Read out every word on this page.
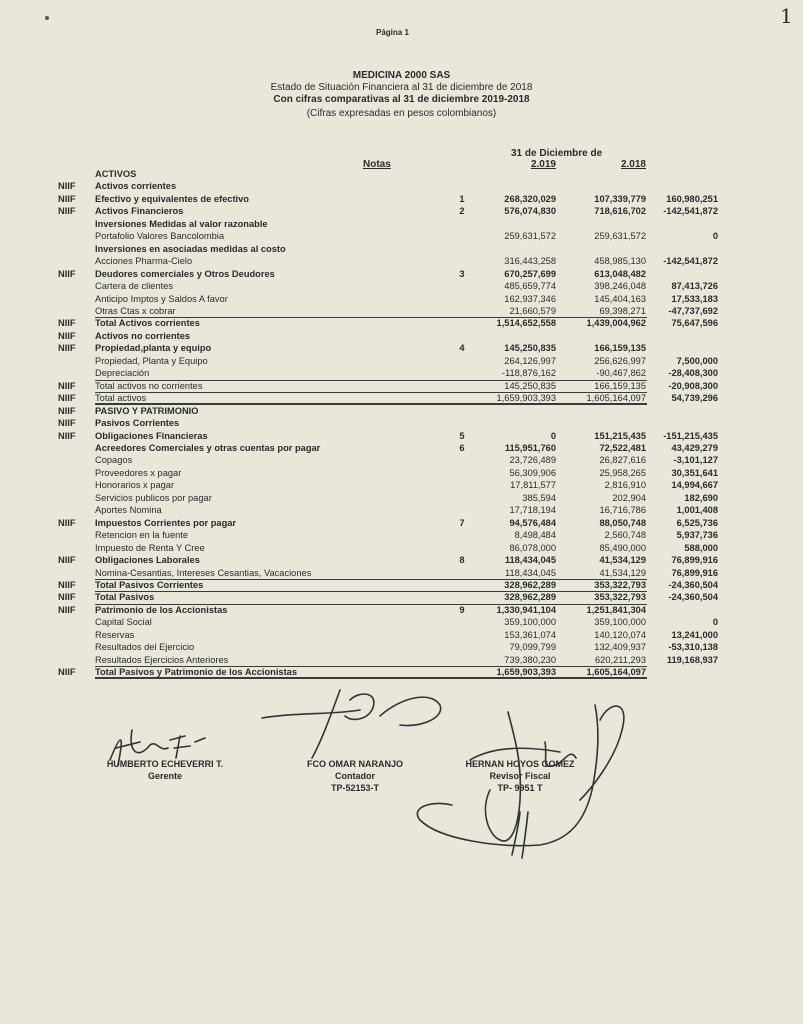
Página 1
1
MEDICINA 2000 SAS
Estado de Situación Financiera al 31 de diciembre de 2018
Con cifras comparativas al 31 de diciembre 2019-2018
(Cifras expresadas en pesos colombianos)
Notas
31 de Diciembre de
2.019	2.018
ACTIVOS
NIIF Activos corrientes
NIIF Efectivo y equivalentes de efectivo	1	268,320,029	107,339,779	160,980,251
NIIF Activos Financieros	2	576,074,830	718,616,702	-142,541,872
Inversiones Medidas al valor razonable
Portafolio Valores Bancolombia	259,631,572	259,631,572	0
Inversiones en asociadas medidas al costo
Acciones Pharma-Cielo	316,443,258	458,985,130	-142,541,872
NIIF Deudores comerciales y Otros Deudores	3	670,257,699	613,048,482
Cartera de clientes	485,659,774	398,246,048	87,413,726
Anticipo Imptos y Saldos A favor	162,937,346	145,404,163	17,533,183
Otras Ctas x cobrar	21,660,579	69,398,271	-47,737,692
NIIF Total Activos corrientes	1,514,652,558	1,439,004,962	75,647,596
NIIF Activos no corrientes
NIIF Propiedad,planta y equipo	4	145,250,835	166,159,135
Propiedad, Planta y Equipo	264,126,997	256,626,997	7,500,000
Depreciación	-118,876,162	-90,467,862	-28,408,300
NIIF Total activos no corrientes	145,250,835	166,159,135	-20,908,300
NIIF Total activos	1,659,903,393	1,605,164,097	54,739,296
NIIF PASIVO Y PATRIMONIO
NIIF Pasivos Corrientes
NIIF Obligaciones Financieras	5	0	151,215,435	-151,215,435
Acreedores Comerciales y otras cuentas por pagar	6	115,951,760	72,522,481	43,429,279
Copagos	23,726,489	26,827,616	-3,101,127
Proveedores x pagar	56,309,906	25,958,265	30,351,641
Honorarios x pagar	17,811,577	2,816,910	14,994,667
Servicios publicos por pagar	385,594	202,904	182,690
Aportes Nomina	17,718,194	16,716,786	1,001,408
NIIF Impuestos Corrientes por pagar	7	94,576,484	88,050,748	6,525,736
Retencion en la fuente	8,498,484	2,560,748	5,937,736
Impuesto de Renta Y Cree	86,078,000	85,490,000	588,000
NIIF Obligaciones Laborales	8	118,434,045	41,534,129	76,899,916
Nomina-Cesantias, Intereses Cesantias, Vacaciones	118,434,045	41,534,129	76,899,916
NIIF Total Pasivos Corrientes	328,962,289	353,322,793	-24,360,504
NIIF Total Pasivos	328,962,289	353,322,793	-24,360,504
NIIF Patrimonio de los Accionistas	9	1,330,941,104	1,251,841,304
Capital Social	359,100,000	359,100,000	0
Reservas	153,361,074	140,120,074	13,241,000
Resultados del Ejercicio	79,099,799	132,409,937	-53,310,138
Resultados Ejercicios Anteriores	739,380,230	620,211,293	119,168,937
NIIF Total Pasivos y Patrimonio de los Accionistas	1,659,903,393	1,605,164,097
HUMBERTO ECHEVERRI T.
Gerente
FCO OMAR NARANJO
Contador
TP-52153-T
HERNAN HOYOS GOMEZ
Revisor Fiscal
TP- 9951 T
